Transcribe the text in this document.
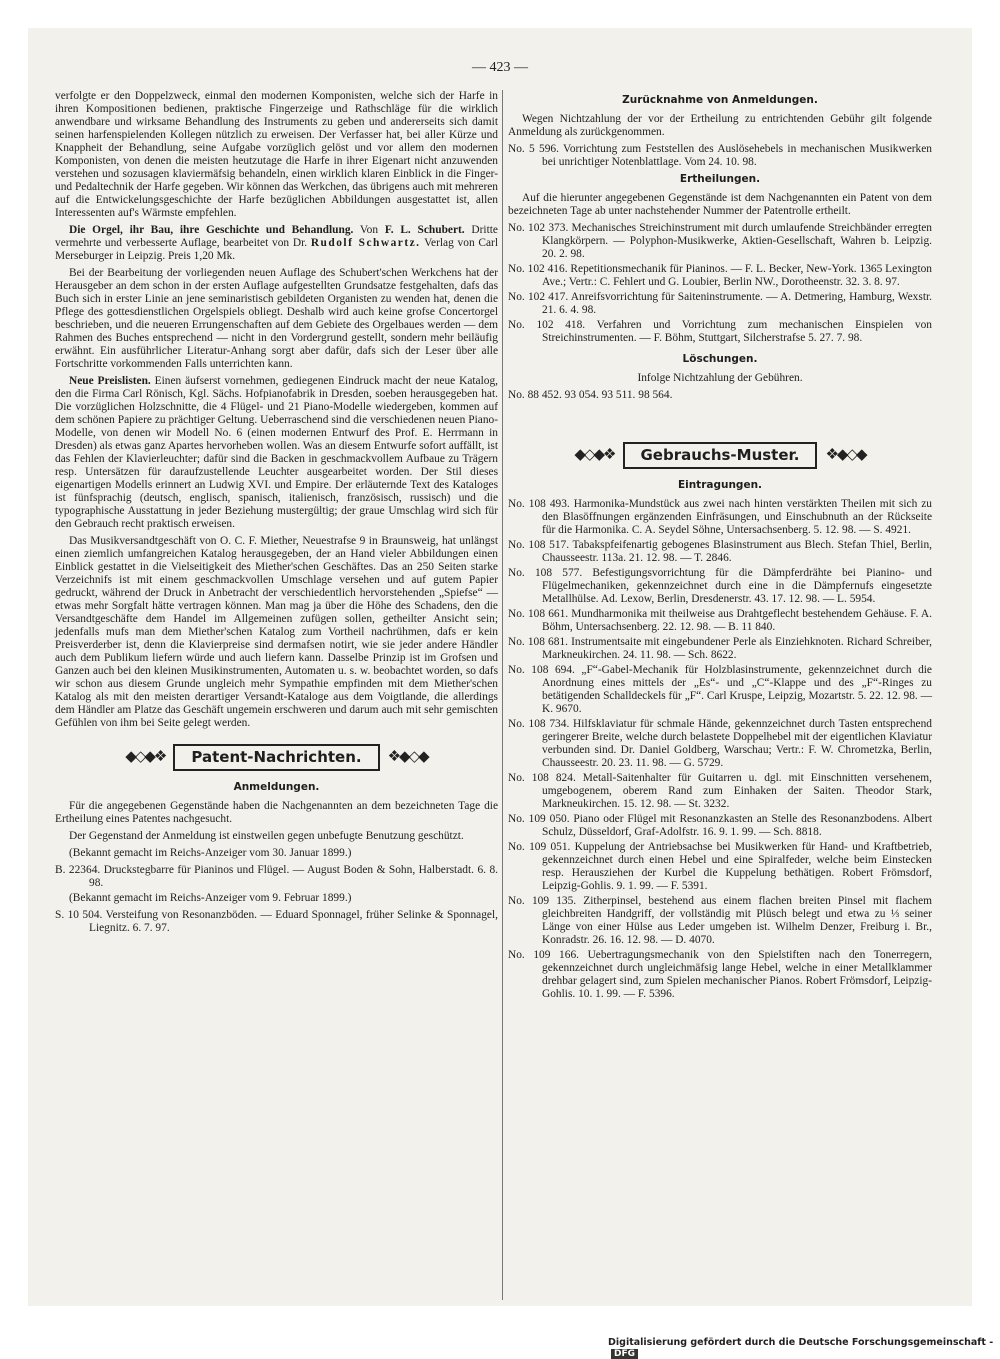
— 423 —

verfolgte er den Doppelzweck, einmal den modernen Komponisten, welche sich der Harfe in ihren Kompositionen bedienen, praktische Fingerzeige und Rathschläge für die wirklich anwendbare und wirksame Behandlung des Instruments zu geben und andererseits sich damit seinen harfenspielenden Kollegen nützlich zu erweisen. Der Verfasser hat, bei aller Kürze und Knappheit der Behandlung, seine Aufgabe vorzüglich gelöst und vor allem den modernen Komponisten, von denen die meisten heutzutage die Harfe in ihrer Eigenart nicht anzuwenden verstehen und sozusagen klaviermäfsig behandeln, einen wirklich klaren Einblick in die Finger- und Pedaltechnik der Harfe gegeben. Wir können das Werkchen, das übrigens auch mit mehreren auf die Entwickelungsgeschichte der Harfe bezüglichen Abbildungen ausgestattet ist, allen Interessenten auf's Wärmste empfehlen.

Die Orgel, ihr Bau, ihre Geschichte und Behandlung. Von F. L. Schubert. Dritte vermehrte und verbesserte Auflage, bearbeitet von Dr. Rudolf Schwartz. Verlag von Carl Merseburger in Leipzig. Preis 1,20 Mk.

Bei der Bearbeitung der vorliegenden neuen Auflage des Schubert'schen Werkchens hat der Herausgeber an dem schon in der ersten Auflage aufgestellten Grundsatze festgehalten, dafs das Buch sich in erster Linie an jene seminaristisch gebildeten Organisten zu wenden hat, denen die Pflege des gottesdienstlichen Orgelspiels obliegt. Deshalb wird auch keine grofse Concertorgel beschrieben, und die neueren Errungenschaften auf dem Gebiete des Orgelbaues werden — dem Rahmen des Buches entsprechend — nicht in den Vordergrund gestellt, sondern mehr beiläufig erwähnt. Ein ausführlicher Literatur-Anhang sorgt aber dafür, dafs sich der Leser über alle Fortschritte vorkommenden Falls unterrichten kann.

Neue Preislisten. Einen äufserst vornehmen, gediegenen Eindruck macht der neue Katalog, den die Firma Carl Rönisch, Kgl. Sächs. Hofpianofabrik in Dresden, soeben herausgegeben hat. Die vorzüglichen Holzschnitte, die 4 Flügel- und 21 Piano-Modelle wiedergeben, kommen auf dem schönen Papiere zu prächtiger Geltung. Ueberraschend sind die verschiedenen neuen Piano-Modelle, von denen wir Modell No. 6 (einen modernen Entwurf des Prof. E. Herrmann in Dresden) als etwas ganz Apartes hervorheben wollen. Was an diesem Entwurfe sofort auffällt, ist das Fehlen der Klavierleuchter; dafür sind die Backen in geschmackvollem Aufbaue zu Trägern resp. Untersätzen für daraufzustellende Leuchter ausgearbeitet worden. Der Stil dieses eigenartigen Modells erinnert an Ludwig XVI. und Empire. Der erläuternde Text des Kataloges ist fünfsprachig (deutsch, englisch, spanisch, italienisch, französisch, russisch) und die typographische Ausstattung in jeder Beziehung mustergültig; der graue Umschlag wird sich für den Gebrauch recht praktisch erweisen.

Das Musikversandtgeschäft von O. C. F. Miether, Neuestrafse 9 in Braunsweig, hat unlängst einen ziemlich umfangreichen Katalog herausgegeben, der an Hand vieler Abbildungen einen Einblick gestattet in die Vielseitigkeit des Miether'schen Geschäftes. Das an 250 Seiten starke Verzeichnifs ist mit einem geschmackvollen Umschlage versehen und auf gutem Papier gedruckt, während der Druck in Anbetracht der verschiedentlich hervorstehenden „Spiefse“ — etwas mehr Sorgfalt hätte vertragen können. Man mag ja über die Höhe des Schadens, den die Versandtgeschäfte dem Handel im Allgemeinen zufügen sollen, getheilter Ansicht sein; jedenfalls mufs man dem Miether'schen Katalog zum Vortheil nachrühmen, dafs er kein Preisverderber ist, denn die Klavierpreise sind dermafsen notirt, wie sie jeder andere Händler auch dem Publikum liefern würde und auch liefern kann. Dasselbe Prinzip ist im Grofsen und Ganzen auch bei den kleinen Musikinstrumenten, Automaten u. s. w. beobachtet worden, so dafs wir schon aus diesem Grunde ungleich mehr Sympathie empfinden mit dem Miether'schen Katalog als mit den meisten derartiger Versandt-Kataloge aus dem Voigtlande, die allerdings dem Händler am Platze das Geschäft ungemein erschweren und darum auch mit sehr gemischten Gefühlen von ihm bei Seite gelegt werden.

◆◇◆❖	Patent-Nachrichten.	❖◆◇◆
Anmeldungen.

Für die angegebenen Gegenstände haben die Nachgenannten an dem bezeichneten Tage die Ertheilung eines Patentes nachgesucht.

Der Gegenstand der Anmeldung ist einstweilen gegen unbefugte Benutzung geschützt.

(Bekannt gemacht im Reichs-Anzeiger vom 30. Januar 1899.)

B. 22364. Druckstegbarre für Pianinos und Flügel. — August Boden & Sohn, Halberstadt. 6. 8. 98.

(Bekannt gemacht im Reichs-Anzeiger vom 9. Februar 1899.)

S. 10 504. Versteifung von Resonanzböden. — Eduard Sponnagel, früher Selinke & Sponnagel, Liegnitz. 6. 7. 97.

Zurücknahme von Anmeldungen.

Wegen Nichtzahlung der vor der Ertheilung zu entrichtenden Gebühr gilt folgende Anmeldung als zurückgenommen.

No. 5 596. Vorrichtung zum Feststellen des Auslösehebels in mechanischen Musikwerken bei unrichtiger Notenblattlage. Vom 24. 10. 98.

Ertheilungen.

Auf die hierunter angegebenen Gegenstände ist dem Nachgenannten ein Patent von dem bezeichneten Tage ab unter nachstehender Nummer der Patentrolle ertheilt.

No. 102 373. Mechanisches Streichinstrument mit durch umlaufende Streichbänder erregten Klangkörpern. — Polyphon-Musikwerke, Aktien-Gesellschaft, Wahren b. Leipzig. 20. 2. 98.

No. 102 416. Repetitionsmechanik für Pianinos. — F. L. Becker, New-York. 1365 Lexington Ave.; Vertr.: C. Fehlert und G. Loubier, Berlin NW., Dorotheenstr. 32. 3. 8. 97.

No. 102 417. Anreifsvorrichtung für Saiteninstrumente. — A. Detmering, Hamburg, Wexstr. 21. 6. 4. 98.

No. 102 418. Verfahren und Vorrichtung zum mechanischen Einspielen von Streichinstrumenten. — F. Böhm, Stuttgart, Silcherstrafse 5. 27. 7. 98.

Löschungen.

Infolge Nichtzahlung der Gebühren.

No. 88 452. 93 054. 93 511. 98 564.

◆◇◆❖	Gebrauchs-Muster.	❖◆◇◆
Eintragungen.

No. 108 493. Harmonika-Mundstück aus zwei nach hinten verstärkten Theilen mit sich zu den Blasöffnungen ergänzenden Einfräsungen, und Einschubnuth an der Rückseite für die Harmonika. C. A. Seydel Söhne, Untersachsenberg. 5. 12. 98. — S. 4921.

No. 108 517. Tabakspfeifenartig gebogenes Blasinstrument aus Blech. Stefan Thiel, Berlin, Chausseestr. 113a. 21. 12. 98. — T. 2846.

No. 108 577. Befestigungsvorrichtung für die Dämpferdrähte bei Pianino- und Flügelmechaniken, gekennzeichnet durch eine in die Dämpfernufs eingesetzte Metallhülse. Ad. Lexow, Berlin, Dresdenerstr. 43. 17. 12. 98. — L. 5954.

No. 108 661. Mundharmonika mit theilweise aus Drahtgeflecht bestehendem Gehäuse. F. A. Böhm, Untersachsenberg. 22. 12. 98. — B. 11 840.

No. 108 681. Instrumentsaite mit eingebundener Perle als Einziehknoten. Richard Schreiber, Markneukirchen. 24. 11. 98. — Sch. 8622.

No. 108 694. „F“-Gabel-Mechanik für Holzblasinstrumente, gekennzeichnet durch die Anordnung eines mittels der „Es“- und „C“-Klappe und des „F“-Ringes zu betätigenden Schalldeckels für „F“. Carl Kruspe, Leipzig, Mozartstr. 5. 22. 12. 98. — K. 9670.

No. 108 734. Hilfsklaviatur für schmale Hände, gekennzeichnet durch Tasten entsprechend geringerer Breite, welche durch belastete Doppelhebel mit der eigentlichen Klaviatur verbunden sind. Dr. Daniel Goldberg, Warschau; Vertr.: F. W. Chrometzka, Berlin, Chausseestr. 20. 23. 11. 98. — G. 5729.

No. 108 824. Metall-Saitenhalter für Guitarren u. dgl. mit Einschnitten versehenem, umgebogenem, oberem Rand zum Einhaken der Saiten. Theodor Stark, Markneukirchen. 15. 12. 98. — St. 3232.

No. 109 050. Piano oder Flügel mit Resonanzkasten an Stelle des Resonanzbodens. Albert Schulz, Düsseldorf, Graf-Adolfstr. 16. 9. 1. 99. — Sch. 8818.

No. 109 051. Kuppelung der Antriebsachse bei Musikwerken für Hand- und Kraftbetrieb, gekennzeichnet durch einen Hebel und eine Spiralfeder, welche beim Einstecken resp. Herausziehen der Kurbel die Kuppelung bethätigen. Robert Frömsdorf, Leipzig-Gohlis. 9. 1. 99. — F. 5391.

No. 109 135. Zitherpinsel, bestehend aus einem flachen breiten Pinsel mit flachem gleichbreiten Handgriff, der vollständig mit Plüsch belegt und etwa zu ⅓ seiner Länge von einer Hülse aus Leder umgeben ist. Wilhelm Denzer, Freiburg i. Br., Konradstr. 26. 16. 12. 98. — D. 4070.

No. 109 166. Uebertragungsmechanik von den Spielstiften nach den Tonerregern, gekennzeichnet durch ungleichmäfsig lange Hebel, welche in einer Metallklammer drehbar gelagert sind, zum Spielen mechanischer Pianos. Robert Frömsdorf, Leipzig-Gohlis. 10. 1. 99. — F. 5396.

Digitalisierung gefördert durch die Deutsche Forschungsgemeinschaft - DFG
